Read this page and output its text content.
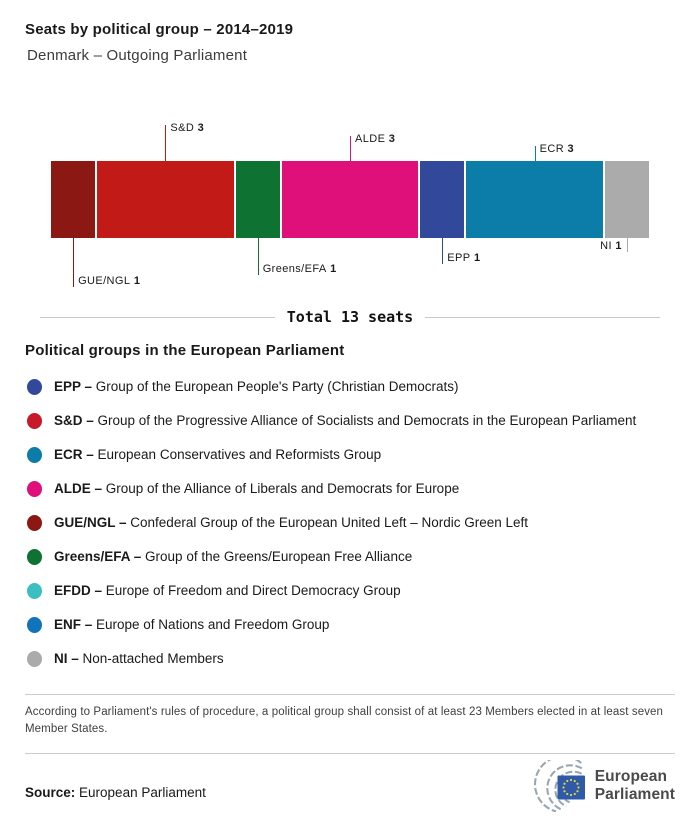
Seats by political group – 2014–2019
Denmark – Outgoing Parliament
GUE/NGL 1
S&D 3
Greens/EFA 1
ALDE 3
EPP 1
ECR 3
NI 1
Total 13 seats
Political groups in the European Parliament
EPP – Group of the European People's Party (Christian Democrats)
S&D – Group of the Progressive Alliance of Socialists and Democrats in the European Parliament
ECR – European Conservatives and Reformists Group
ALDE – Group of the Alliance of Liberals and Democrats for Europe
GUE/NGL – Confederal Group of the European United Left – Nordic Green Left
Greens/EFA – Group of the Greens/European Free Alliance
EFDD – Europe of Freedom and Direct Democracy Group
ENF – Europe of Nations and Freedom Group
NI – Non-attached Members

According to Parliament's rules of procedure, a political group shall consist of at least 23 Members elected in at least seven Member States.

Source: European Parliament

European
Parliament
